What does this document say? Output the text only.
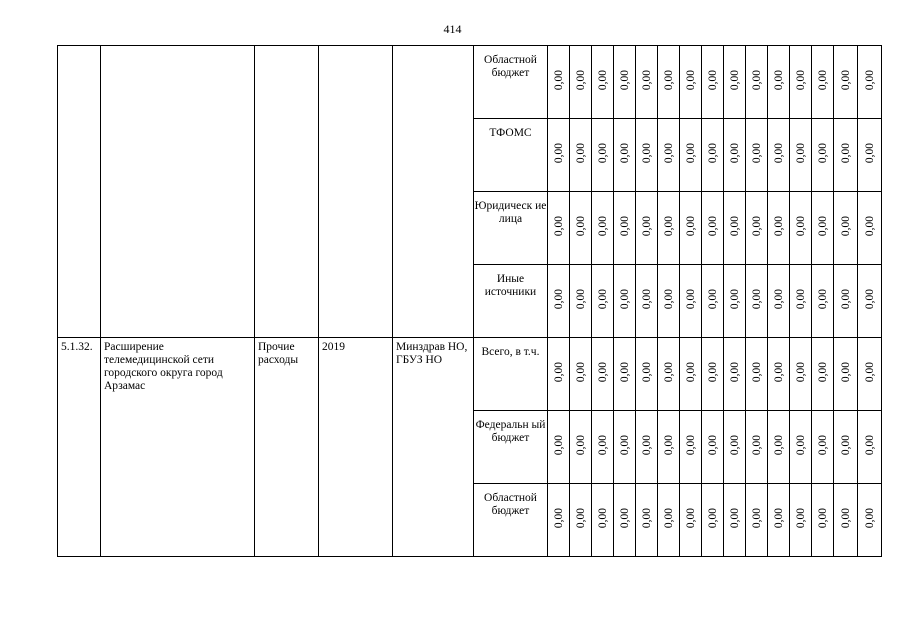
414
					Областной бюджет	0,00	0,00	0,00	0,00	0,00	0,00	0,00	0,00	0,00	0,00	0,00	0,00	0,00	0,00	0,00
					ТФОМС	0,00	0,00	0,00	0,00	0,00	0,00	0,00	0,00	0,00	0,00	0,00	0,00	0,00	0,00	0,00
					Юридическ ие лица	0,00	0,00	0,00	0,00	0,00	0,00	0,00	0,00	0,00	0,00	0,00	0,00	0,00	0,00	0,00
					Иные источники	0,00	0,00	0,00	0,00	0,00	0,00	0,00	0,00	0,00	0,00	0,00	0,00	0,00	0,00	0,00
5.1.32.	Расширение телемедицинской сети городского округа город Арзамас	Прочие расходы	2019	Минздрав НО, ГБУЗ НО	Всего, в т.ч.	0,00	0,00	0,00	0,00	0,00	0,00	0,00	0,00	0,00	0,00	0,00	0,00	0,00	0,00	0,00
					Федеральн ый бюджет	0,00	0,00	0,00	0,00	0,00	0,00	0,00	0,00	0,00	0,00	0,00	0,00	0,00	0,00	0,00
					Областной бюджет	0,00	0,00	0,00	0,00	0,00	0,00	0,00	0,00	0,00	0,00	0,00	0,00	0,00	0,00	0,00
